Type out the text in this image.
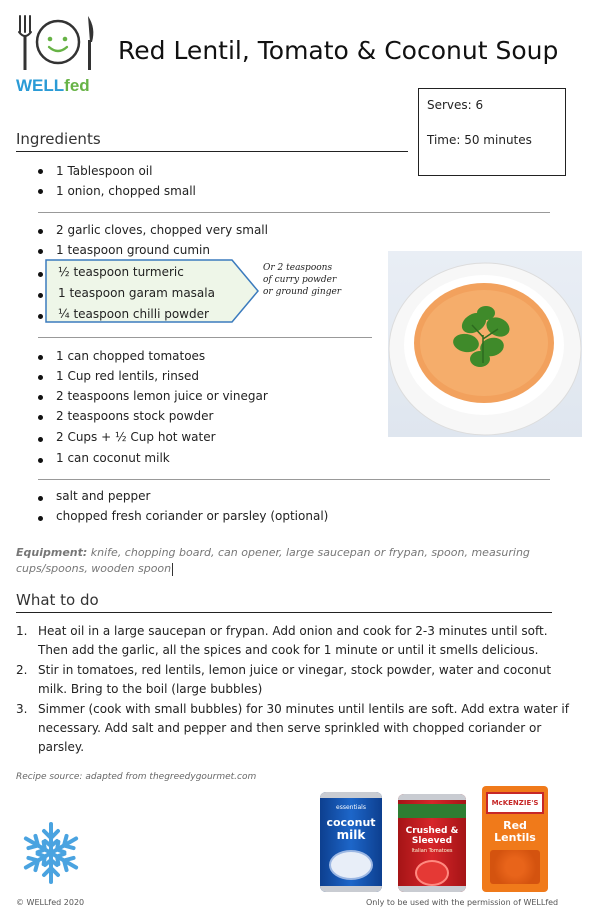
WELLfed
Red Lentil, Tomato & Coconut Soup
Serves: 6
Time: 50 minutes
Ingredients
1 Tablespoon oil
1 onion, chopped small
2 garlic cloves, chopped very small
1 teaspoon ground cumin
½ teaspoon turmeric
1 teaspoon garam masala
¼ teaspoon chilli powder
Or 2 teaspoons
of curry powder
or ground ginger
1 can chopped tomatoes
1 Cup red lentils, rinsed
2 teaspoons lemon juice or vinegar
2 teaspoons stock powder
2 Cups + ½ Cup hot water
1 can coconut milk
salt and pepper
chopped fresh coriander or parsley (optional)
Equipment: knife, chopping board, can opener, large saucepan or frypan, spoon, measuring
cups/spoons, wooden spoon
What to do
1. Heat oil in a large saucepan or frypan. Add onion and cook for 2-3 minutes until soft.
Then add the garlic, all the spices and cook for 1 minute or until it smells delicious.
2. Stir in tomatoes, red lentils, lemon juice or vinegar, stock powder, water and coconut
milk. Bring to the boil (large bubbles)
3. Simmer (cook with small bubbles) for 30 minutes until lentils are soft. Add extra water if
necessary. Add salt and pepper and then serve sprinkled with chopped coriander or
parsley.
Recipe source: adapted from thegreedygourmet.com
essentials
coconut
milk	Crushed &
Sleeved
Italian Tomatoes
McKENZIE'S
Red
Lentils
© WELLfed 2020	Only to be used with the permission of WELLfed
